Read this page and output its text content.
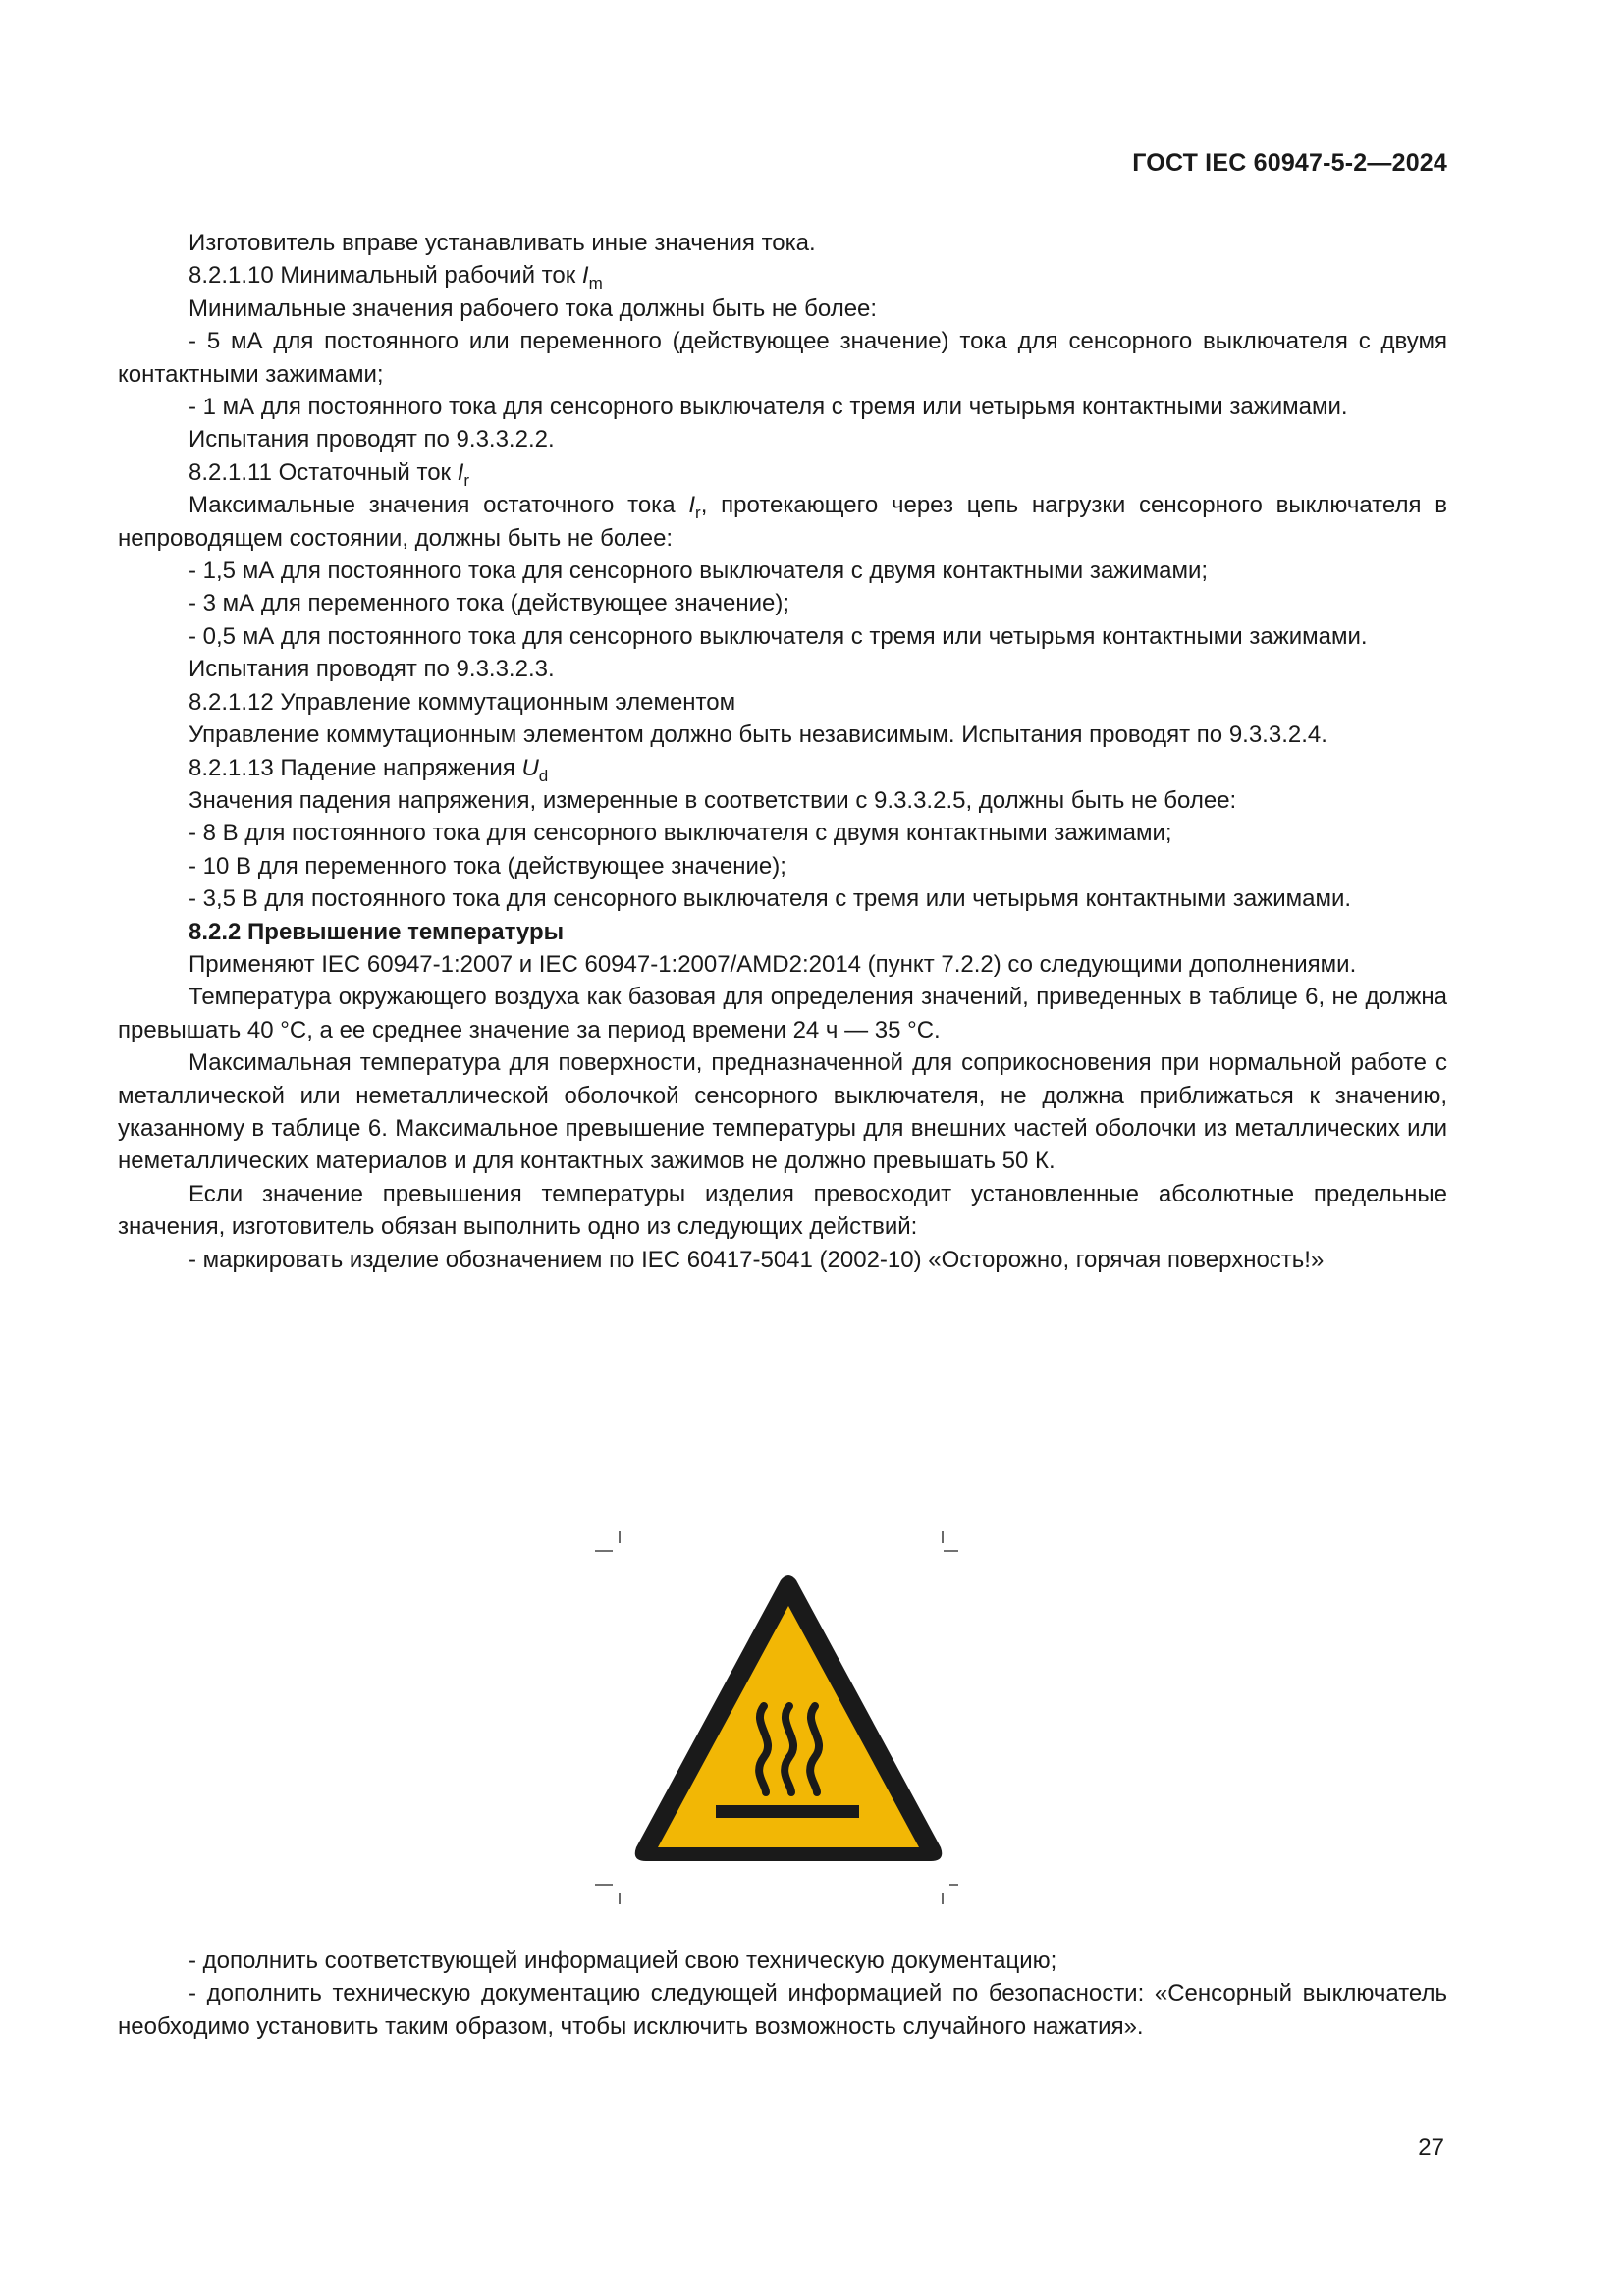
ГОСТ IEC 60947-5-2—2024

Изготовитель вправе устанавливать иные значения тока.

8.2.1.10 Минимальный рабочий ток $I_m$

Минимальные значения рабочего тока должны быть не более:

- 5 мА для постоянного или переменного (действующее значение) тока для сенсорного выключателя с двумя контактными зажимами;

- 1 мА для постоянного тока для сенсорного выключателя с тремя или четырьмя контактными зажимами.

Испытания проводят по 9.3.3.2.2.

8.2.1.11 Остаточный ток $I_r$

Максимальные значения остаточного тока $I_r$, протекающего через цепь нагрузки сенсорного выключателя в непроводящем состоянии, должны быть не более:

- 1,5 мА для постоянного тока для сенсорного выключателя с двумя контактными зажимами;

- 3 мА для переменного тока (действующее значение);

- 0,5 мА для постоянного тока для сенсорного выключателя с тремя или четырьмя контактными зажимами.

Испытания проводят по 9.3.3.2.3.

8.2.1.12 Управление коммутационным элементом

Управление коммутационным элементом должно быть независимым. Испытания проводят по 9.3.3.2.4.

8.2.1.13 Падение напряжения $U_d$

Значения падения напряжения, измеренные в соответствии с 9.3.3.2.5, должны быть не более:

- 8 В для постоянного тока для сенсорного выключателя с двумя контактными зажимами;

- 10 В для переменного тока (действующее значение);

- 3,5 В для постоянного тока для сенсорного выключателя с тремя или четырьмя контактными зажимами.

8.2.2 Превышение температуры

Применяют IEC 60947-1:2007 и IEC 60947-1:2007/AMD2:2014 (пункт 7.2.2) со следующими дополнениями.

Температура окружающего воздуха как базовая для определения значений, приведенных в таблице 6, не должна превышать 40 °С, а ее среднее значение за период времени 24 ч — 35 °С.

Максимальная температура для поверхности, предназначенной для соприкосновения при нормальной работе с металлической или неметаллической оболочкой сенсорного выключателя, не должна приближаться к значению, указанному в таблице 6. Максимальное превышение температуры для внешних частей оболочки из металлических или неметаллических материалов и для контактных зажимов не должно превышать 50 К.

Если значение превышения температуры изделия превосходит установленные абсолютные предельные значения, изготовитель обязан выполнить одно из следующих действий:

- маркировать изделие обозначением по IEC 60417-5041 (2002-10) «Осторожно, горячая поверхность!»

- дополнить соответствующей информацией свою техническую документацию;

- дополнить техническую документацию следующей информацией по безопасности: «Сенсорный выключатель необходимо установить таким образом, чтобы исключить возможность случайного нажатия».

27
